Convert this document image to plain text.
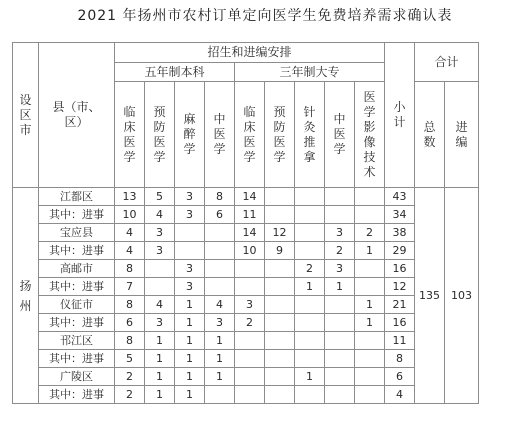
2021 年扬州市农村订单定向医学生免费培养需求确认表
设区市	县（市、区）	招生和进编安排									小计	合计	
		五年制本科				三年制大专							
		临床医学	预防医学	麻醉学	中医学	临床医学	预防医学	针灸推拿	中医学	医学影像技术		总数	进编
扬州	江都区	13	5	3	8	14					43	135	103
	其中：进事	10	4	3	6	11					34		
	宝应县	4	3			14	12		3	2	38		
	其中：进事	4	3			10	9		2	1	29		
	高邮市	8		3				2	3		16		
	其中：进事	7		3				1	1		12		
	仪征市	8	4	1	4	3				1	21		
	其中：进事	6	3	1	3	2				1	16		
	邗江区	8	1	1	1						11		
	其中：进事	5	1	1	1						8		
	广陵区	2	1	1	1			1			6		
	其中：进事	2	1	1							4		
